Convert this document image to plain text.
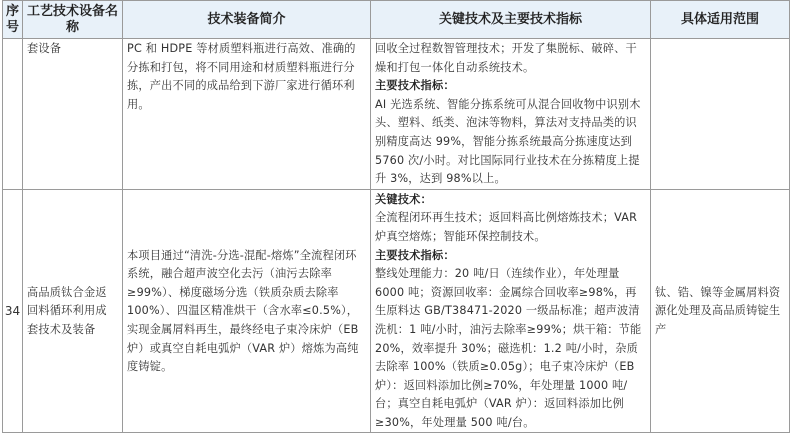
序号	工艺技术设备名称	技术装备简介	关键技术及主要技术指标	具体适用范围

	套设备	PC 和 HDPE 等材质塑料瓶进行高效、准确的分拣和打包，将不同用途和材质塑料瓶进行分拣，产出不同的成品给到下游厂家进行循环利用。	回收全过程数智管理技术；开发了集脱标、破碎、干燥和打包一体化自动系统技术。

主要技术指标：

AI 光选系统、智能分拣系统可从混合回收物中识别木头、塑料、纸类、泡沫等物料，算法对支持品类的识别精度高达 99%，智能分拣系统最高分拣速度达到 5760 次/小时。对比国际同行业技术在分拣精度上提升 3%，达到 98%以上。	

34	高品质钛合金返回料循环利用成套技术及装备	本项目通过“清洗-分选-混配-熔炼”全流程闭环系统，融合超声波空化去污（油污去除率≥99%）、梯度磁场分选（铁质杂质去除率 100%）、四温区精准烘干（含水率≤0.5%），实现金属屑料再生，最终经电子束冷床炉（EB 炉）或真空自耗电弧炉（VAR 炉）熔炼为高纯度铸锭。	关键技术：

全流程闭环再生技术；返回料高比例熔炼技术；VAR 炉真空熔炼；智能环保控制技术。

主要技术指标：

整线处理能力：20 吨/日（连续作业），年处理量 6000 吨；资源回收率：金属综合回收率≥98%，再生原料达 GB/T38471-2020 一级品标准；超声波清洗机：1 吨/小时，油污去除率≥99%；烘干箱：节能 20%，效率提升 30%；磁选机：1.2 吨/小时，杂质去除率 100%（铁质≥0.05g）；电子束冷床炉（EB 炉）：返回料添加比例≥70%，年处理量 1000 吨/台；真空自耗电弧炉（VAR 炉）：返回料添加比例≥30%，年处理量 500 吨/台。	钛、锆、镍等金属屑料资源化处理及高品质铸锭生产
